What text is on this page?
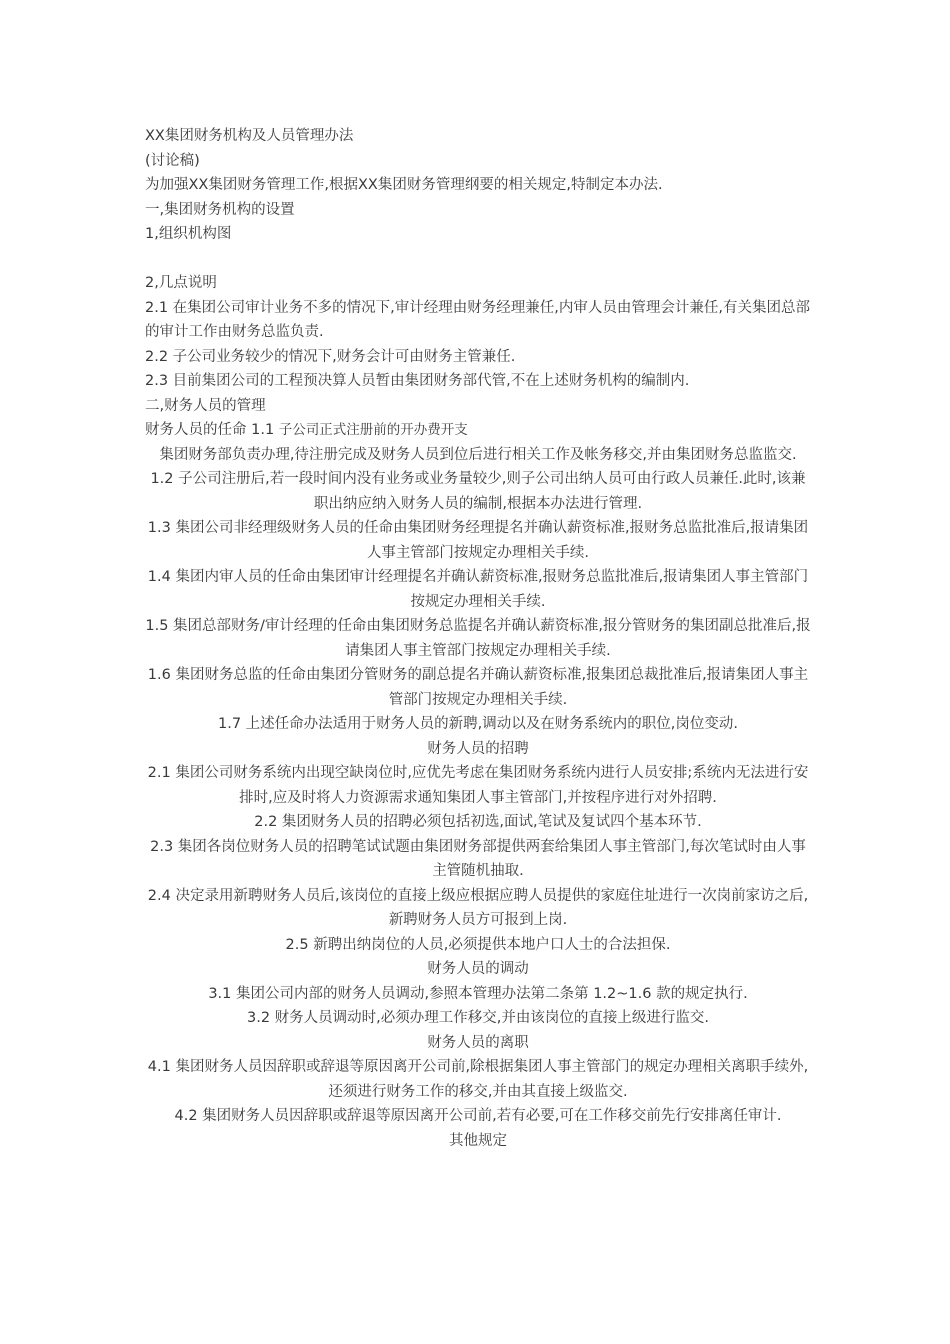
XX集团财务机构及人员管理办法

(讨论稿)

为加强XX集团财务管理工作,根据XX集团财务管理纲要的相关规定,特制定本办法.

一,集团财务机构的设置

1,组织机构图

2,几点说明

2.1 在集团公司审计业务不多的情况下,审计经理由财务经理兼任,内审人员由管理会计兼任,有关集团总部的审计工作由财务总监负责.

2.2 子公司业务较少的情况下,财务会计可由财务主管兼任.

2.3 目前集团公司的工程预决算人员暂由集团财务部代管,不在上述财务机构的编制内.

二,财务人员的管理

财务人员的任命 1.1 子公司正式注册前的开办费开支

集团财务部负责办理,待注册完成及财务人员到位后进行相关工作及帐务移交,并由集团财务总监监交.

1.2 子公司注册后,若一段时间内没有业务或业务量较少,则子公司出纳人员可由行政人员兼任.此时,该兼职出纳应纳入财务人员的编制,根据本办法进行管理.

1.3 集团公司非经理级财务人员的任命由集团财务经理提名并确认薪资标准,报财务总监批准后,报请集团人事主管部门按规定办理相关手续.

1.4 集团内审人员的任命由集团审计经理提名并确认薪资标准,报财务总监批准后,报请集团人事主管部门按规定办理相关手续.

1.5 集团总部财务/审计经理的任命由集团财务总监提名并确认薪资标准,报分管财务的集团副总批准后,报请集团人事主管部门按规定办理相关手续.

1.6 集团财务总监的任命由集团分管财务的副总提名并确认薪资标准,报集团总裁批准后,报请集团人事主管部门按规定办理相关手续.

1.7 上述任命办法适用于财务人员的新聘,调动以及在财务系统内的职位,岗位变动.

财务人员的招聘

2.1 集团公司财务系统内出现空缺岗位时,应优先考虑在集团财务系统内进行人员安排;系统内无法进行安排时,应及时将人力资源需求通知集团人事主管部门,并按程序进行对外招聘.

2.2 集团财务人员的招聘必须包括初选,面试,笔试及复试四个基本环节.

2.3 集团各岗位财务人员的招聘笔试试题由集团财务部提供两套给集团人事主管部门,每次笔试时由人事主管随机抽取.

2.4 决定录用新聘财务人员后,该岗位的直接上级应根据应聘人员提供的家庭住址进行一次岗前家访之后,新聘财务人员方可报到上岗.

2.5 新聘出纳岗位的人员,必须提供本地户口人士的合法担保.

财务人员的调动

3.1 集团公司内部的财务人员调动,参照本管理办法第二条第 1.2~1.6 款的规定执行.

3.2 财务人员调动时,必须办理工作移交,并由该岗位的直接上级进行监交.

财务人员的离职

4.1 集团财务人员因辞职或辞退等原因离开公司前,除根据集团人事主管部门的规定办理相关离职手续外,还须进行财务工作的移交,并由其直接上级监交.

4.2 集团财务人员因辞职或辞退等原因离开公司前,若有必要,可在工作移交前先行安排离任审计.

其他规定
